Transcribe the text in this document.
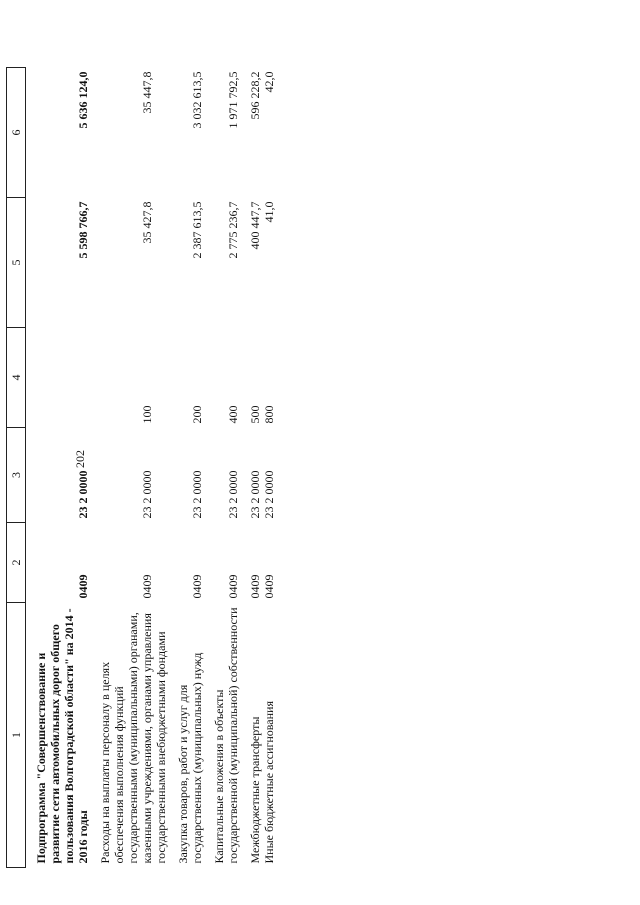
202
1	2	3	4	5	6

Подпрограмма "Совершенствование и развитие сети автомобильных дорог общего пользования Волгоградской области" на 2014 - 2016 годы	0409	23 2 0000		5 598 766,7	5 636 124,0

Расходы на выплаты персоналу в целях обеспечения выполнения функций государственными (муниципальными) органами, казенными учреждениями, органами управления государственными внебюджетными фондами	0409	23 2 0000	100	35 427,8	35 447,8

Закупка товаров, работ и услуг для государственных (муниципальных) нужд	0409	23 2 0000	200	2 387 613,5	3 032 613,5

Капитальные вложения в объекты государственной (муниципальной) собственности	0409	23 2 0000	400	2 775 236,7	1 971 792,5

Межбюджетные трансферты	0409	23 2 0000	500	400 447,7	596 228,2
Иные бюджетные ассигнования	0409	23 2 0000	800	41,0	42,0
